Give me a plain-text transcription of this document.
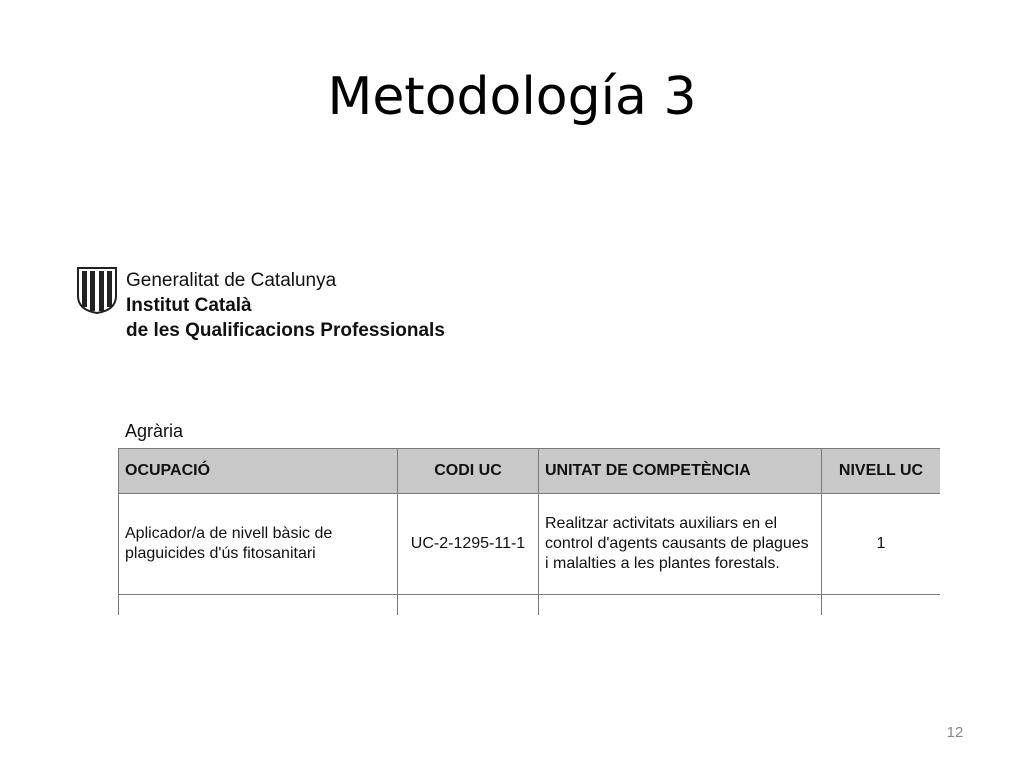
Metodología 3
Generalitat de Catalunya
Institut Català
de les Qualificacions Professionals
Agrària
OCUPACIÓ	CODI UC	UNITAT DE COMPETÈNCIA	NIVELL UC
Aplicador/a de nivell bàsic de plaguicides d'ús fitosanitari	UC-2-1295-11-1	Realitzar activitats auxiliars en el control d'agents causants de plagues i malalties a les plantes forestals.	1

12
